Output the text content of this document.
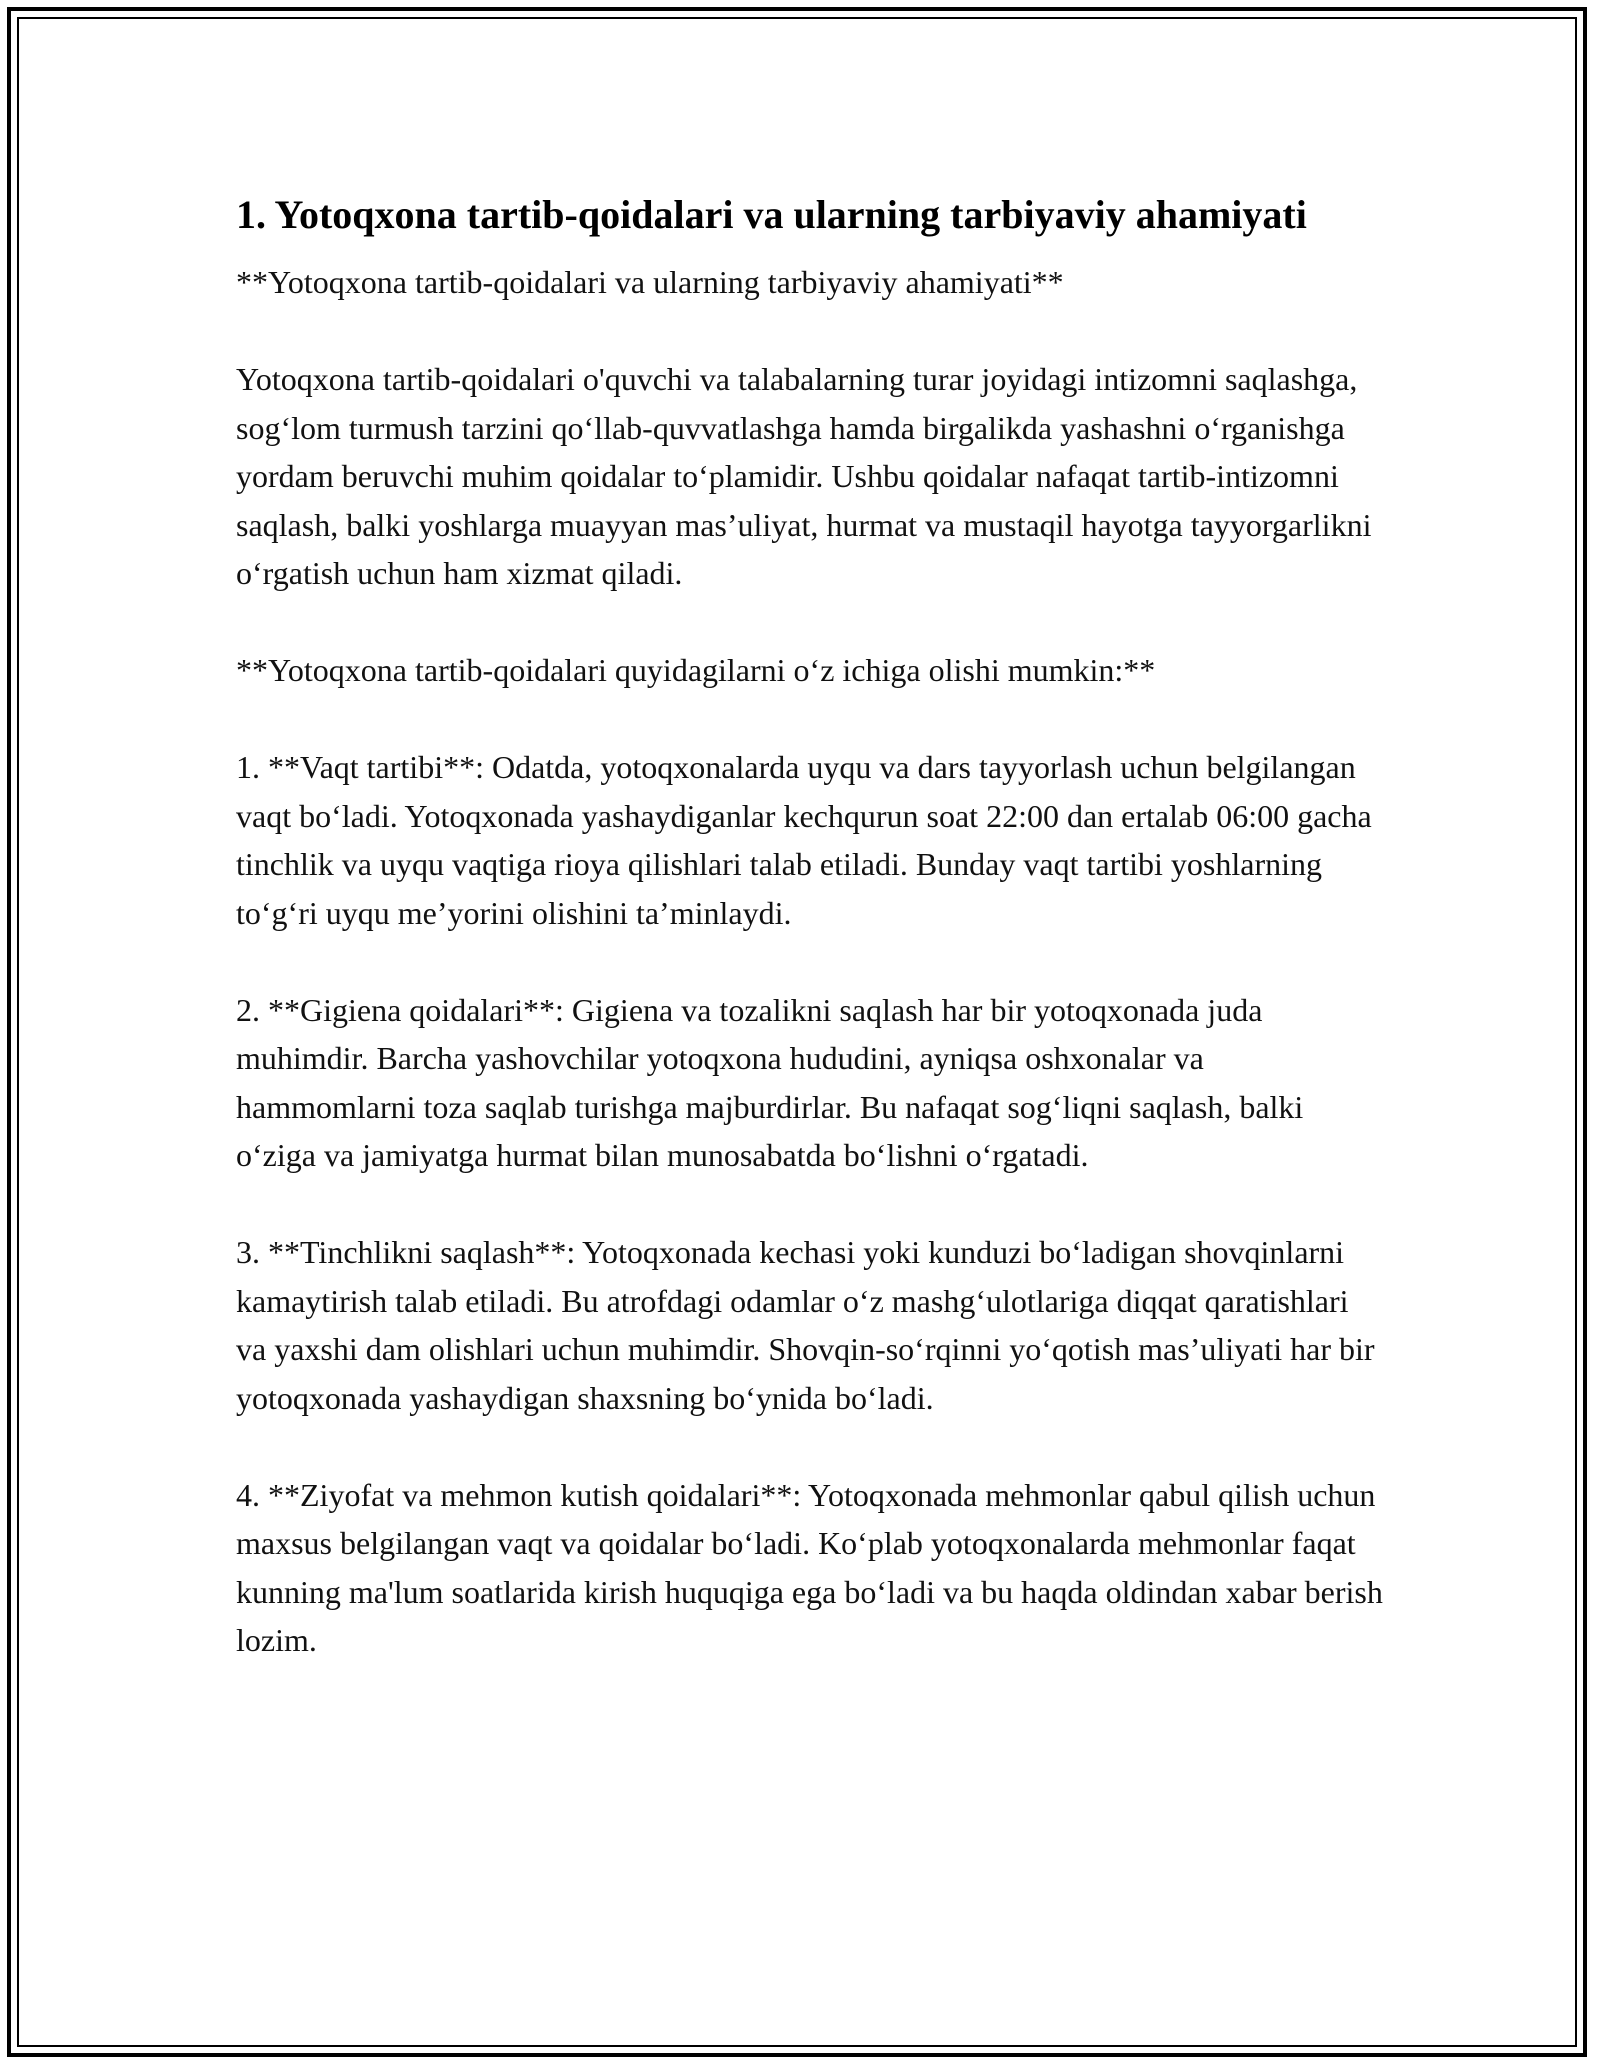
1. Yotoqxona tartib-qoidalari va ularning tarbiyaviy ahamiyati

**Yotoqxona tartib-qoidalari va ularning tarbiyaviy ahamiyati**

Yotoqxona tartib-qoidalari o'quvchi va talabalarning turar joyidagi intizomni saqlashga, sog‘lom turmush tarzini qo‘llab-quvvatlashga hamda birgalikda yashashni o‘rganishga yordam beruvchi muhim qoidalar to‘plamidir. Ushbu qoidalar nafaqat tartib-intizomni saqlash, balki yoshlarga muayyan mas’uliyat, hurmat va mustaqil hayotga tayyorgarlikni o‘rgatish uchun ham xizmat qiladi.

**Yotoqxona tartib-qoidalari quyidagilarni o‘z ichiga olishi mumkin:**

1. **Vaqt tartibi**: Odatda, yotoqxonalarda uyqu va dars tayyorlash uchun belgilangan vaqt bo‘ladi. Yotoqxonada yashaydiganlar kechqurun soat 22:00 dan ertalab 06:00 gacha tinchlik va uyqu vaqtiga rioya qilishlari talab etiladi. Bunday vaqt tartibi yoshlarning to‘g‘ri uyqu me’yorini olishini ta’minlaydi.

2. **Gigiena qoidalari**: Gigiena va tozalikni saqlash har bir yotoqxonada juda muhimdir. Barcha yashovchilar yotoqxona hududini, ayniqsa oshxonalar va hammomlarni toza saqlab turishga majburdirlar. Bu nafaqat sog‘liqni saqlash, balki o‘ziga va jamiyatga hurmat bilan munosabatda bo‘lishni o‘rgatadi.

3. **Tinchlikni saqlash**: Yotoqxonada kechasi yoki kunduzi bo‘ladigan shovqinlarni kamaytirish talab etiladi. Bu atrofdagi odamlar o‘z mashg‘ulotlariga diqqat qaratishlari va yaxshi dam olishlari uchun muhimdir. Shovqin-so‘rqinni yo‘qotish mas’uliyati har bir yotoqxonada yashaydigan shaxsning bo‘ynida bo‘ladi.

4. **Ziyofat va mehmon kutish qoidalari**: Yotoqxonada mehmonlar qabul qilish uchun maxsus belgilangan vaqt va qoidalar bo‘ladi. Ko‘plab yotoqxonalarda mehmonlar faqat kunning ma'lum soatlarida kirish huquqiga ega bo‘ladi va bu haqda oldindan xabar berish lozim.
